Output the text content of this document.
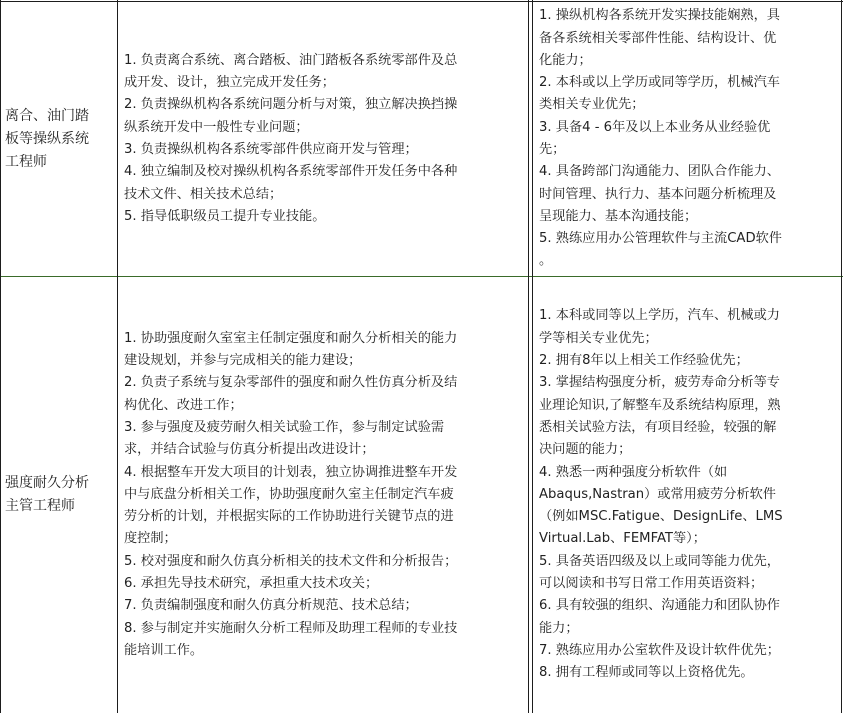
离合、油门踏
板等操纵系统
工程师
1. 负责离合系统、离合踏板、油门踏板各系统零部件及总
成开发、设计，独立完成开发任务；
2. 负责操纵机构各系统问题分析与对策，独立解决换挡操
纵系统开发中一般性专业问题；
3. 负责操纵机构各系统零部件供应商开发与管理；
4. 独立编制及校对操纵机构各系统零部件开发任务中各种
技术文件、相关技术总结；
5. 指导低职级员工提升专业技能。
1. 操纵机构各系统开发实操技能娴熟，具
备各系统相关零部件性能、结构设计、优
化能力；
2. 本科或以上学历或同等学历，机械汽车
类相关专业优先；
3. 具备4 - 6年及以上本业务从业经验优
先；
4. 具备跨部门沟通能力、团队合作能力、
时间管理、执行力、基本问题分析梳理及
呈现能力、基本沟通技能；
5. 熟练应用办公管理软件与主流CAD软件
。
强度耐久分析
主管工程师
1. 协助强度耐久室室主任制定强度和耐久分析相关的能力
建设规划，并参与完成相关的能力建设；
2. 负责子系统与复杂零部件的强度和耐久性仿真分析及结
构优化、改进工作；
3. 参与强度及疲劳耐久相关试验工作，参与制定试验需
求，并结合试验与仿真分析提出改进设计；
4. 根据整车开发大项目的计划表，独立协调推进整车开发
中与底盘分析相关工作，协助强度耐久室主任制定汽车疲
劳分析的计划，并根据实际的工作协助进行关键节点的进
度控制；
5. 校对强度和耐久仿真分析相关的技术文件和分析报告；
6. 承担先导技术研究，承担重大技术攻关；
7. 负责编制强度和耐久仿真分析规范、技术总结；
8. 参与制定并实施耐久分析工程师及助理工程师的专业技
能培训工作。
1. 本科或同等以上学历，汽车、机械或力
学等相关专业优先；
2. 拥有8年以上相关工作经验优先；
3. 掌握结构强度分析，疲劳寿命分析等专
业理论知识,了解整车及系统结构原理，熟
悉相关试验方法，有项目经验，较强的解
决问题的能力；
4. 熟悉一两种强度分析软件（如
Abaqus,Nastran）或常用疲劳分析软件
（例如MSC.Fatigue、DesignLife、LMS
Virtual.Lab、FEMFAT等）；
5. 具备英语四级及以上或同等能力优先，
可以阅读和书写日常工作用英语资料；
6. 具有较强的组织、沟通能力和团队协作
能力；
7. 熟练应用办公室软件及设计软件优先；
8. 拥有工程师或同等以上资格优先。
